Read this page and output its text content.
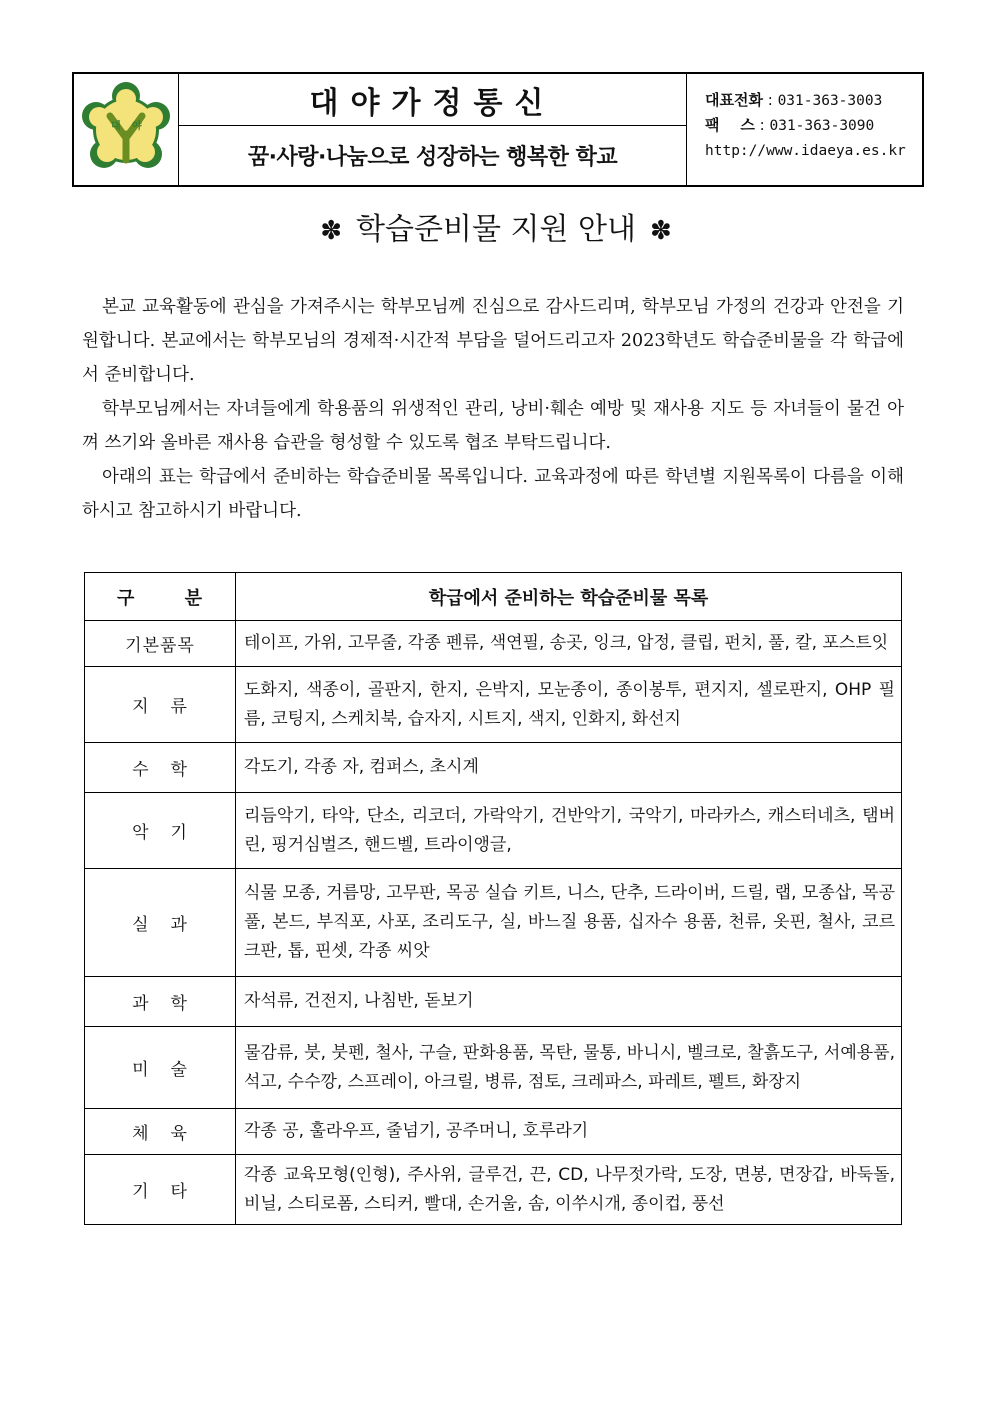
대 야
대야가정통신
꿈·사랑·나눔으로 성장하는 행복한 학교
대표전화 : 031-363-3003
팩    스 : 031-363-3090
http://www.idaeya.es.kr
✽ 학습준비물 지원 안내 ✽

본교 교육활동에 관심을 가져주시는 학부모님께 진심으로 감사드리며, 학부모님 가정의 건강과 안전을 기원합니다. 본교에서는 학부모님의 경제적·시간적 부담을 덜어드리고자 2023학년도 학습준비물을 각 학급에서 준비합니다.

학부모님께서는 자녀들에게 학용품의 위생적인 관리, 낭비·훼손 예방 및 재사용 지도 등 자녀들이 물건 아껴 쓰기와 올바른 재사용 습관을 형성할 수 있도록 협조 부탁드립니다.

아래의 표는 학급에서 준비하는 학습준비물 목록입니다. 교육과정에 따른 학년별 지원목록이 다름을 이해하시고 참고하시기 바랍니다.

구 분	학급에서 준비하는 학습준비물 목록
기본품목	테이프, 가위, 고무줄, 각종 펜류, 색연필, 송곳, 잉크, 압정, 클립, 펀치, 풀, 칼, 포스트잇
지류	도화지, 색종이, 골판지, 한지, 은박지, 모눈종이, 종이봉투, 편지지, 셀로판지, OHP 필름, 코팅지, 스케치북, 습자지, 시트지, 색지, 인화지, 화선지
수학	각도기, 각종 자, 컴퍼스, 초시계
악기	리듬악기, 타악, 단소, 리코더, 가락악기, 건반악기, 국악기, 마라카스, 캐스터네츠, 탬버린, 핑거심벌즈, 핸드벨, 트라이앵글,
실과	식물 모종, 거름망, 고무판, 목공 실습 키트, 니스, 단추, 드라이버, 드릴, 랩, 모종삽, 목공풀, 본드, 부직포, 사포, 조리도구, 실, 바느질 용품, 십자수 용품, 천류, 옷핀, 철사, 코르크판, 톱, 핀셋, 각종 씨앗
과학	자석류, 건전지, 나침반, 돋보기
미술	물감류, 붓, 붓펜, 철사, 구슬, 판화용품, 목탄, 물통, 바니시, 벨크로, 찰흙도구, 서예용품, 석고, 수수깡, 스프레이, 아크릴, 병류, 점토, 크레파스, 파레트, 펠트, 화장지
체육	각종 공, 훌라우프, 줄넘기, 공주머니, 호루라기
기타	각종 교육모형(인형), 주사위, 글루건, 끈, CD, 나무젓가락, 도장, 면봉, 면장갑, 바둑돌, 비닐, 스티로폼, 스티커, 빨대, 손거울, 솜, 이쑤시개, 종이컵, 풍선
